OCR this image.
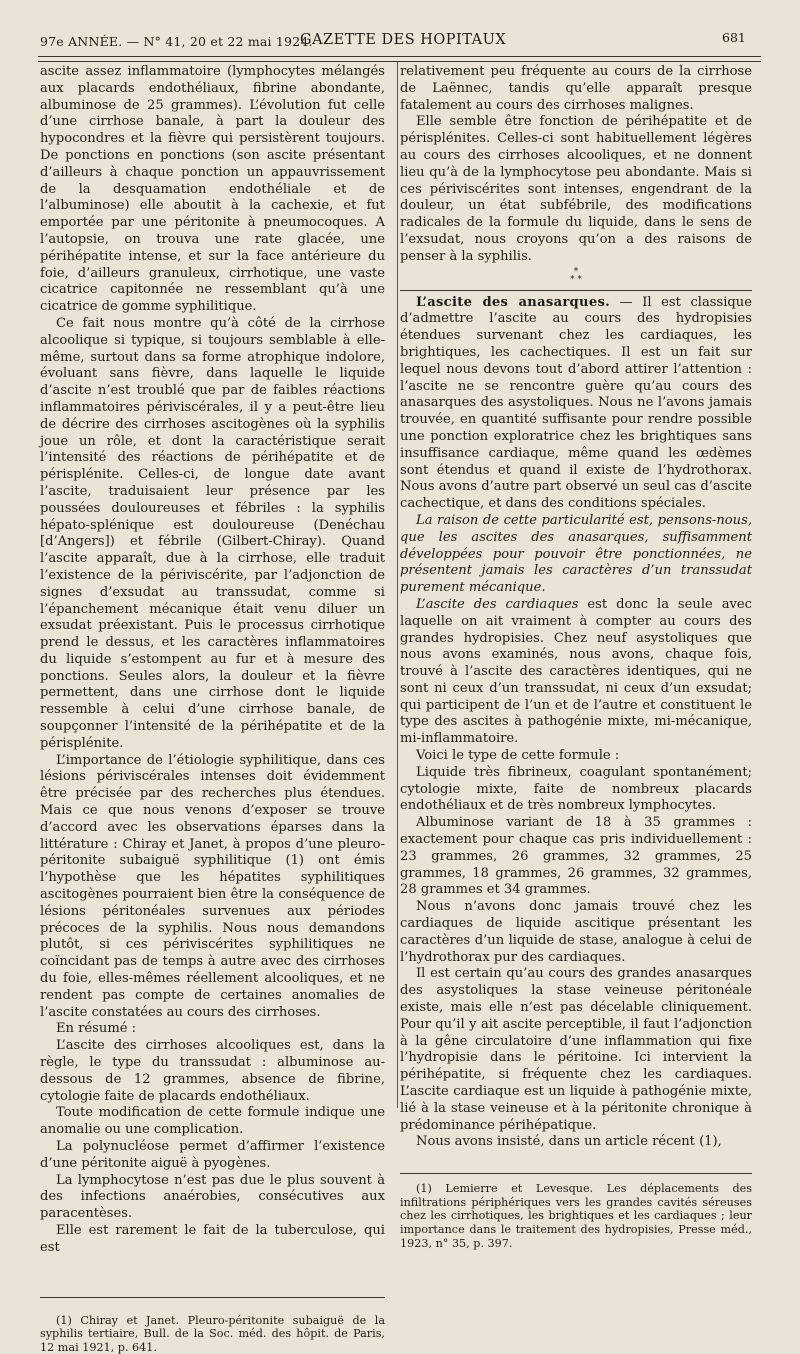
97e ANNÉE. — N° 41, 20 et 22 mai 1924.
GAZETTE DES HOPITAUX	681

ascite assez inflammatoire (lymphocytes mélangés aux placards endothéliaux, fibrine abondante, albuminose de 25 grammes). L’évolution fut celle d’une cirrhose banale, à part la douleur des hypocondres et la fièvre qui persistèrent toujours. De ponctions en ponctions (son ascite présentant d’ailleurs à chaque ponction un appauvrissement de la desquamation endothéliale et de l’albuminose) elle aboutit à la cachexie, et fut emportée par une péritonite à pneumocoques. A l’autopsie, on trouva une rate glacée, une périhépatite intense, et sur la face antérieure du foie, d’ailleurs granuleux, cirrhotique, une vaste cicatrice capitonnée ne ressemblant qu’à une cicatrice de gomme syphilitique.

Ce fait nous montre qu’à côté de la cirrhose alcoolique si typique, si toujours semblable à elle-même, surtout dans sa forme atrophique indolore, évoluant sans fièvre, dans laquelle le liquide d’ascite n’est troublé que par de faibles réactions inflammatoires périviscérales, il y a peut-être lieu de décrire des cirrhoses ascitogènes où la syphilis joue un rôle, et dont la caractéristique serait l’intensité des réactions de périhépatite et de périsplénite. Celles-ci, de longue date avant l’ascite, traduisaient leur présence par les poussées douloureuses et fébriles : la syphilis hépato-splénique est douloureuse (Denéchau [d’Angers]) et fébrile (Gilbert-Chiray). Quand l’ascite apparaît, due à la cirrhose, elle traduit l’existence de la périviscérite, par l’adjonction de signes d’exsudat au transsudat, comme si l’épanchement mécanique était venu diluer un exsudat préexistant. Puis le processus cirrhotique prend le dessus, et les caractères inflammatoires du liquide s’estompent au fur et à mesure des ponctions. Seules alors, la douleur et la fièvre permettent, dans une cirrhose dont le liquide ressemble à celui d’une cirrhose banale, de soupçonner l’intensité de la périhépatite et de la périsplénite.

L’importance de l’étiologie syphilitique, dans ces lésions périviscérales intenses doit évidemment être précisée par des recherches plus étendues. Mais ce que nous venons d’exposer se trouve d’accord avec les observations éparses dans la littérature : Chiray et Janet, à propos d’une pleuro-péritonite subaiguë syphilitique (1) ont émis l’hypothèse que les hépatites syphilitiques ascitogènes pourraient bien être la conséquence de lésions péritonéales survenues aux périodes précoces de la syphilis. Nous nous demandons plutôt, si ces périviscérites syphilitiques ne coïncidant pas de temps à autre avec des cirrhoses du foie, elles-mêmes réellement alcooliques, et ne rendent pas compte de certaines anomalies de l’ascite constatées au cours des cirrhoses.

En résumé :

L’ascite des cirrhoses alcooliques est, dans la règle, le type du transsudat : albuminose au-dessous de 12 grammes, absence de fibrine, cytologie faite de placards endothéliaux.

Toute modification de cette formule indique une anomalie ou une complication.

La polynucléose permet d’affirmer l’existence d’une péritonite aiguë à pyogènes.

La lymphocytose n’est pas due le plus souvent à des infections anaérobies, consécutives aux paracentèses.

Elle est rarement le fait de la tuberculose, qui est

(1) Chiray et Janet. Pleuro-péritonite subaiguë de la syphilis tertiaire, Bull. de la Soc. méd. des hôpit. de Paris, 12 mai 1921, p. 641.

relativement peu fréquente au cours de la cirrhose de Laënnec, tandis qu’elle apparaît presque fatalement au cours des cirrhoses malignes.

Elle semble être fonction de périhépatite et de périsplénites. Celles-ci sont habituellement légères au cours des cirrhoses alcooliques, et ne donnent lieu qu’à de la lymphocytose peu abondante. Mais si ces périviscérites sont intenses, engendrant de la douleur, un état subfébrile, des modifications radicales de la formule du liquide, dans le sens de l’exsudat, nous croyons qu’on a des raisons de penser à la syphilis.

*
* *

L’ascite des anasarques. — Il est classique d’admettre l’ascite au cours des hydropisies étendues survenant chez les cardiaques, les brightiques, les cachectiques. Il est un fait sur lequel nous devons tout d’abord attirer l’attention : l’ascite ne se rencontre guère qu’au cours des anasarques des asystoliques. Nous ne l’avons jamais trouvée, en quantité suffisante pour rendre possible une ponction exploratrice chez les brightiques sans insuffisance cardiaque, même quand les œdèmes sont étendus et quand il existe de l’hydrothorax. Nous avons d’autre part observé un seul cas d’ascite cachectique, et dans des conditions spéciales.

La raison de cette particularité est, pensons-nous, que les ascites des anasarques, suffisamment développées pour pouvoir être ponctionnées, ne présentent jamais les caractères d’un transsudat purement mécanique.

L’ascite des cardiaques est donc la seule avec laquelle on ait vraiment à compter au cours des grandes hydropisies. Chez neuf asystoliques que nous avons examinés, nous avons, chaque fois, trouvé à l’ascite des caractères identiques, qui ne sont ni ceux d’un transsudat, ni ceux d’un exsudat; qui participent de l’un et de l’autre et constituent le type des ascites à pathogénie mixte, mi-mécanique, mi-inflammatoire.

Voici le type de cette formule :

Liquide très fibrineux, coagulant spontanément; cytologie mixte, faite de nombreux placards endothéliaux et de très nombreux lymphocytes.

Albuminose variant de 18 à 35 grammes : exactement pour chaque cas pris individuellement : 23 grammes, 26 grammes, 32 grammes, 25 grammes, 18 grammes, 26 grammes, 32 grammes, 28 grammes et 34 grammes.

Nous n’avons donc jamais trouvé chez les cardiaques de liquide ascitique présentant les caractères d’un liquide de stase, analogue à celui de l’hydrothorax pur des cardiaques.

Il est certain qu’au cours des grandes anasarques des asystoliques la stase veineuse péritonéale existe, mais elle n’est pas décelable cliniquement. Pour qu’il y ait ascite perceptible, il faut l’adjonction à la gêne circulatoire d’une inflammation qui fixe l’hydropisie dans le péritoine. Ici intervient la périhépatite, si fréquente chez les cardiaques. L’ascite cardiaque est un liquide à pathogénie mixte, lié à la stase veineuse et à la péritonite chronique à prédominance périhépatique.

Nous avons insisté, dans un article récent (1),

(1) Lemierre et Levesque. Les déplacements des infiltrations périphériques vers les grandes cavités séreuses chez les cirrhotiques, les brightiques et les cardiaques ; leur importance dans le traitement des hydropisies, Presse méd., 1923, n° 35, p. 397.
